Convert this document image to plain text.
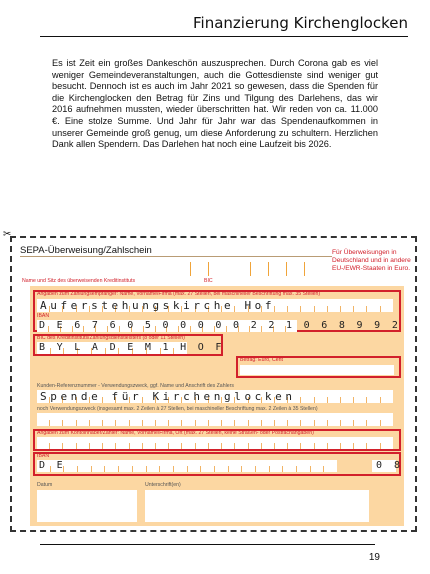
Finanzierung Kirchenglocken
Es ist Zeit ein großes Dankeschön auszusprechen. Durch Corona gab es viel weniger Gemeindeveranstaltungen, auch die Gottesdienste sind weniger gut besucht. Dennoch ist es auch im Jahr 2021 so gewesen, dass die Spenden für die Kirchenglocken den Betrag für Zins und Tilgung des Darlehens, das wir 2016 aufnehmen mussten, wieder überschritten hat. Wir reden von ca. 11.000 €. Eine stolze Summe. Und Jahr für Jahr war das Spendenaufkommen in unserer Gemeinde groß genug, um diese Anforderung zu schultern. Herzlichen Dank allen Spendern. Das Darlehen hat noch eine Laufzeit bis 2026.
✂
SEPA-Überweisung/Zahlschein	Für Überweisungen in Deutschland und in andere EU-/EWR-Staaten in Euro.
Name und Sitz des überweisenden Kreditinstituts	BIC
Angaben zum Zahlungsempfänger: Name, Vorname/Firma (max. 27 Stellen, bei maschineller Beschriftung max. 35 Stellen)
Auferstehungskirche Hof
IBAN
D E 6 7 6 0 5 0 0 0 0 0 2 2 1 0 6 8 9 9 2
BIC des Kreditinstituts/Zahlungsdienstleisters (8 oder 11 Stellen)
B Y L A D E M 1 H O F
Betrag: Euro, Cent
Kunden-Referenznummer - Verwendungszweck, ggf. Name und Anschrift des Zahlers
Spende für Kirchenglocken
noch Verwendungszweck (insgesamt max. 2 Zeilen à 27 Stellen, bei maschineller Beschriftung max. 2 Zeilen à 35 Stellen)
Angaben zum Kontoinhaber/Zahler: Name, Vorname/Firma, Ort (max. 27 Stellen, keine Straßen- oder Postfachangaben)
IBAN
D E	0 8
Datum	Unterschrift(en)
19
